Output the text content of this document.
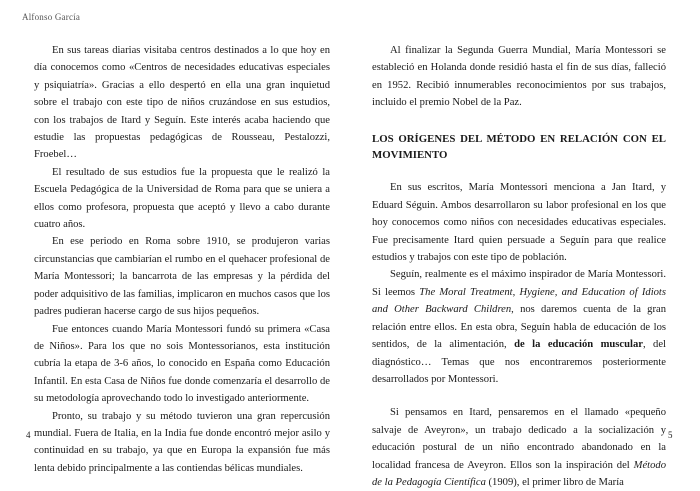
Alfonso García

En sus tareas diarias visitaba centros destinados a lo que hoy en día conocemos como «Centros de necesidades educativas especiales y psiquiatría». Gracias a ello despertó en ella una gran inquietud sobre el trabajo con este tipo de niños cruzándose en sus estudios, con los trabajos de Itard y Seguín. Este interés acaba haciendo que estudie las propuestas pedagógicas de Rousseau, Pestalozzi, Froebel…

El resultado de sus estudios fue la propuesta que le realizó la Escuela Pedagógica de la Universidad de Roma para que se uniera a ellos como profesora, propuesta que aceptó y llevo a cabo durante cuatro años.

En ese periodo en Roma sobre 1910, se produjeron varias circunstancias que cambiarían el rumbo en el quehacer profesional de María Montessori; la bancarrota de las empresas y la pérdida del poder adquisitivo de las familias, implicaron en muchos casos que los padres pudieran hacerse cargo de sus hijos pequeños.

Fue entonces cuando María Montessori fundó su primera «Casa de Niños». Para los que no sois Montessorianos, esta institución cubría la etapa de 3-6 años, lo conocido en España como Educación Infantil. En esta Casa de Niños fue donde comenzaría el desarrollo de su metodología aprovechando todo lo investigado anteriormente.

Pronto, su trabajo y su método tuvieron una gran repercusión mundial. Fuera de Italia, en la India fue donde encontró mejor asilo y continuidad en su trabajo, ya que en Europa la expansión fue más lenta debido principalmente a las contiendas bélicas mundiales.

4

Al finalizar la Segunda Guerra Mundial, María Montessori se estableció en Holanda donde residió hasta el fin de sus días, falleció en 1952. Recibió innumerables reconocimientos por sus trabajos, incluido el premio Nobel de la Paz.

LOS ORÍGENES DEL MÉTODO EN RELACIÓN CON EL MOVIMIENTO

En sus escritos, María Montessori menciona a Jan Itard, y Eduard Séguin. Ambos desarrollaron su labor profesional en los que hoy conocemos como niños con necesidades educativas especiales. Fue precisamente Itard quien persuade a Seguín para que realice estudios y trabajos con este tipo de población.

Seguín, realmente es el máximo inspirador de María Montessori. Si leemos The Moral Treatment, Hygiene, and Education of Idiots and Other Backward Children, nos daremos cuenta de la gran relación entre ellos. En esta obra, Seguín habla de educación de los sentidos, de la alimentación, de la educación muscular, del diagnóstico… Temas que nos encontraremos posteriormente desarrollados por Montessori.

Si pensamos en Itard, pensaremos en el llamado «pequeño salvaje de Aveyron», un trabajo dedicado a la socialización y educación postural de un niño encontrado abandonado en la localidad francesa de Aveyron. Ellos son la inspiración del Método de la Pedagogía Científica (1909), el primer libro de María

5
